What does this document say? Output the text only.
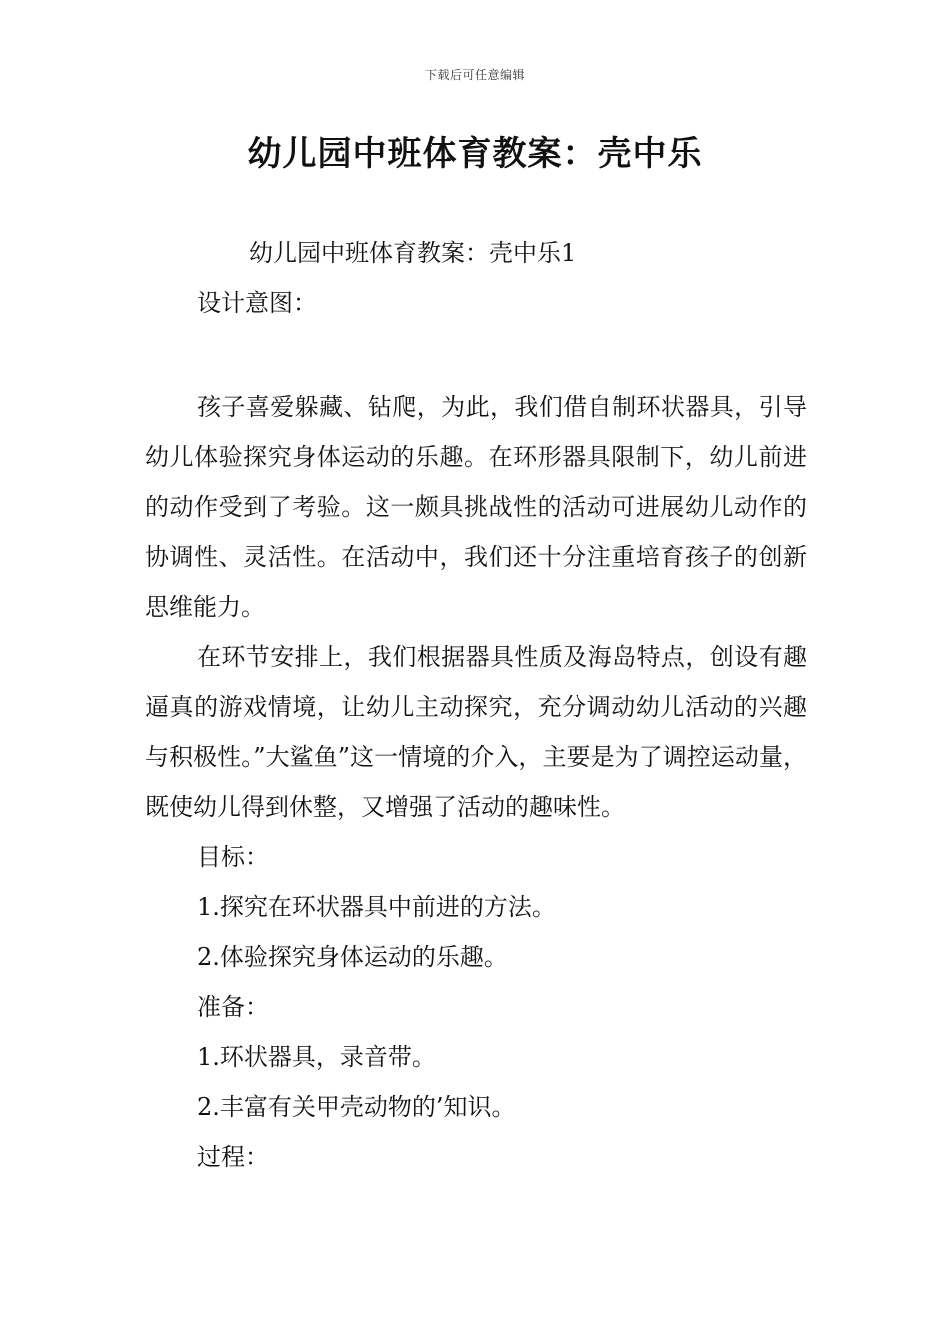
下载后可任意编辑
幼儿园中班体育教案：壳中乐

幼儿园中班体育教案：壳中乐1

设计意图：

孩子喜爱躲藏、钻爬，为此，我们借自制环状器具，引导幼儿体验探究身体运动的乐趣。在环形器具限制下，幼儿前进的动作受到了考验。这一颇具挑战性的活动可进展幼儿动作的协调性、灵活性。在活动中，我们还十分注重培育孩子的创新思维能力。

在环节安排上，我们根据器具性质及海岛特点，创设有趣逼真的游戏情境，让幼儿主动探究，充分调动幼儿活动的兴趣与积极性。”大鲨鱼”这一情境的介入，主要是为了调控运动量，既使幼儿得到休整，又增强了活动的趣味性。

目标：

1.探究在环状器具中前进的方法。

2.体验探究身体运动的乐趣。

准备：

1.环状器具，录音带。

2.丰富有关甲壳动物的’知识。

过程：
